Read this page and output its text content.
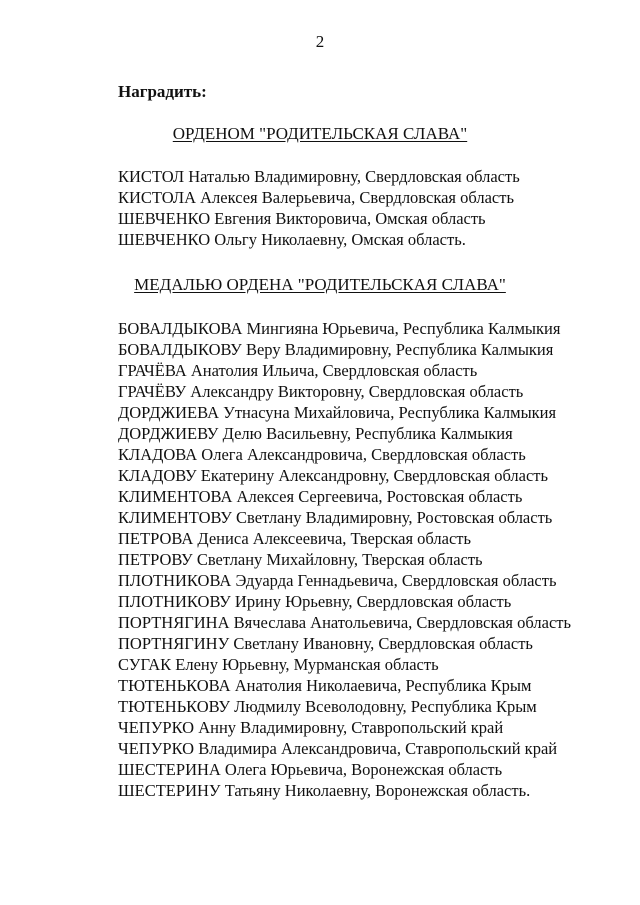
2
Наградить:
ОРДЕНОМ "РОДИТЕЛЬСКАЯ СЛАВА"
КИСТОЛ Наталью Владимировну, Свердловская область
КИСТОЛА Алексея Валерьевича, Свердловская область
ШЕВЧЕНКО Евгения Викторовича, Омская область
ШЕВЧЕНКО Ольгу Николаевну, Омская область.
МЕДАЛЬЮ ОРДЕНА "РОДИТЕЛЬСКАЯ СЛАВА"
БОВАЛДЫКОВА Мингияна Юрьевича, Республика Калмыкия
БОВАЛДЫКОВУ Веру Владимировну, Республика Калмыкия
ГРАЧЁВА Анатолия Ильича, Свердловская область
ГРАЧЁВУ Александру Викторовну, Свердловская область
ДОРДЖИЕВА Утнасуна Михайловича, Республика Калмыкия
ДОРДЖИЕВУ Делю Васильевну, Республика Калмыкия
КЛАДОВА Олега Александровича, Свердловская область
КЛАДОВУ Екатерину Александровну, Свердловская область
КЛИМЕНТОВА Алексея Сергеевича, Ростовская область
КЛИМЕНТОВУ Светлану Владимировну, Ростовская область
ПЕТРОВА Дениса Алексеевича, Тверская область
ПЕТРОВУ Светлану Михайловну, Тверская область
ПЛОТНИКОВА Эдуарда Геннадьевича, Свердловская область
ПЛОТНИКОВУ Ирину Юрьевну, Свердловская область
ПОРТНЯГИНА Вячеслава Анатольевича, Свердловская область
ПОРТНЯГИНУ Светлану Ивановну, Свердловская область
СУГАК Елену Юрьевну, Мурманская область
ТЮТЕНЬКОВА Анатолия Николаевича, Республика Крым
ТЮТЕНЬКОВУ Людмилу Всеволодовну, Республика Крым
ЧЕПУРКО Анну Владимировну, Ставропольский край
ЧЕПУРКО Владимира Александровича, Ставропольский край
ШЕСТЕРИНА Олега Юрьевича, Воронежская область
ШЕСТЕРИНУ Татьяну Николаевну, Воронежская область.
